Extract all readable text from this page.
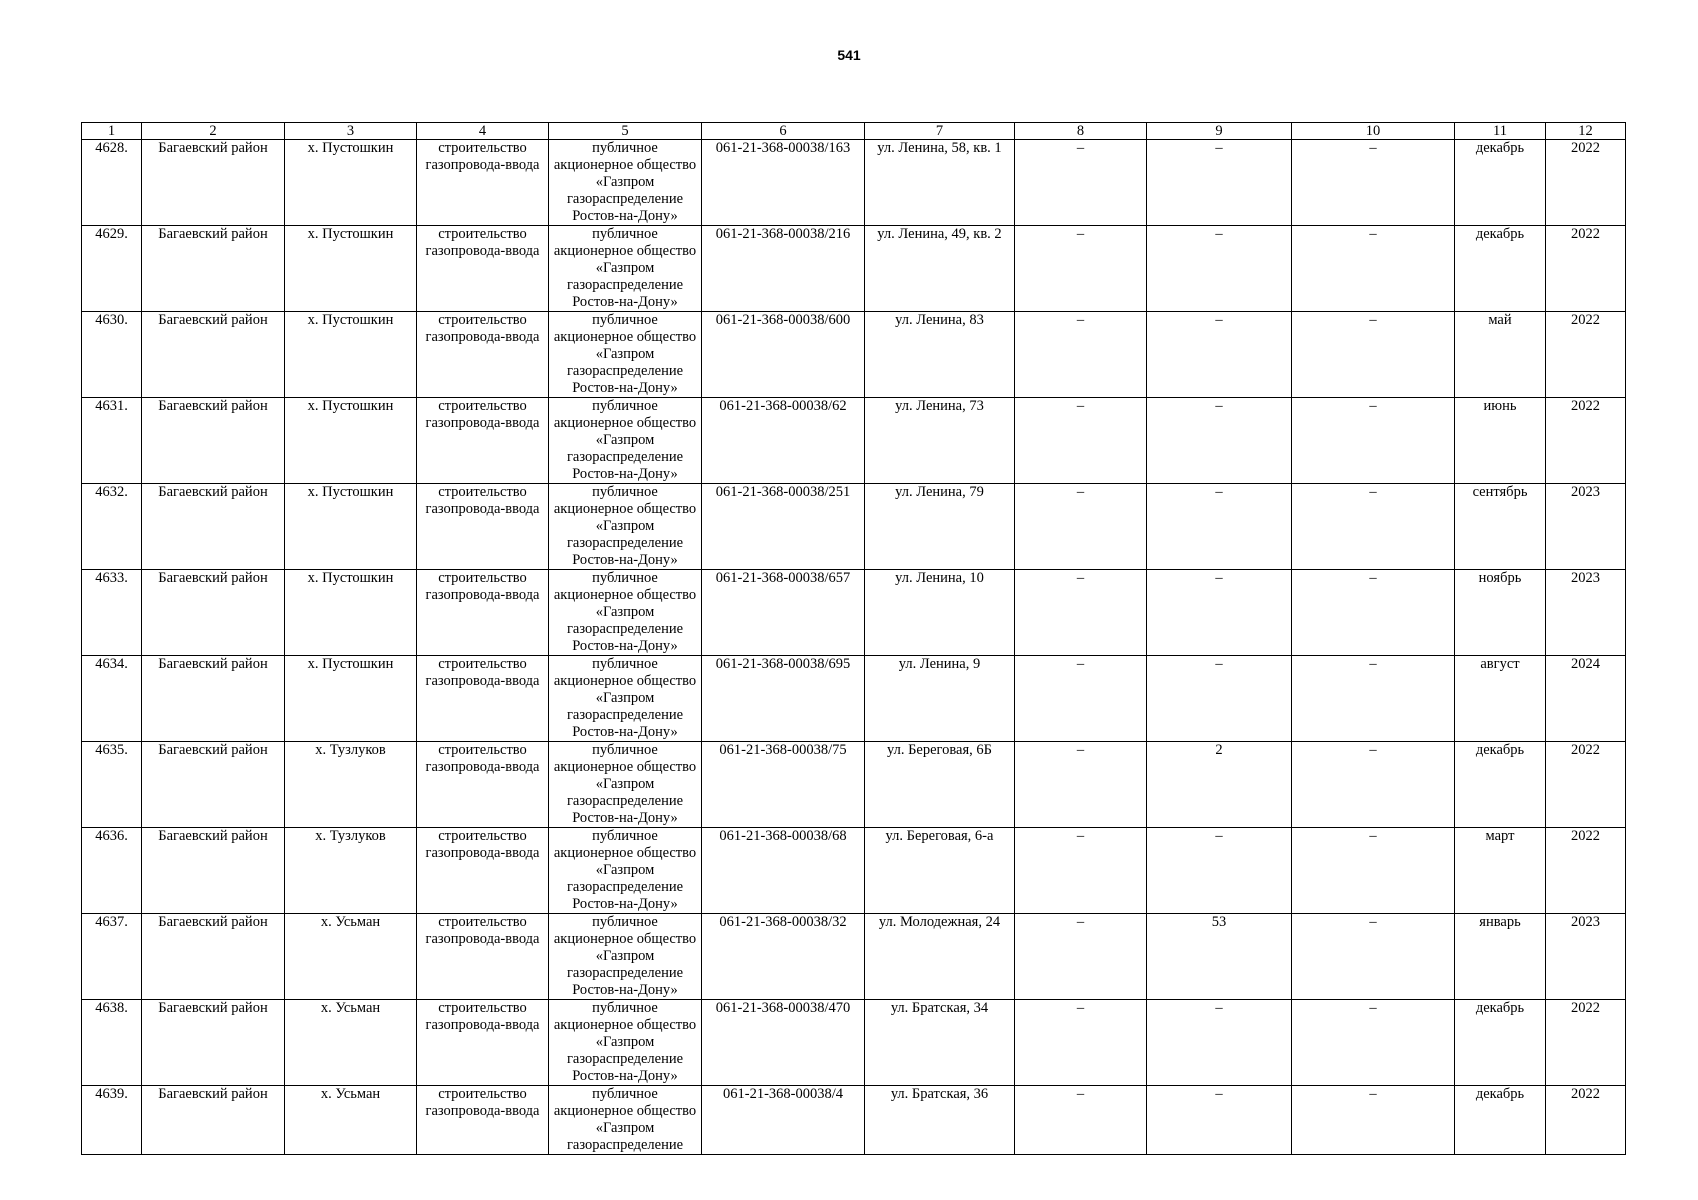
541
1	2	3	4	5	6	7	8	9	10	11	12
4628.	Багаевский район	х. Пустошкин	строительство газопровода-ввода	публичное акционерное общество «Газпром газораспределение Ростов-на-Дону»	061-21-368-00038/163	ул. Ленина, 58, кв. 1	–	–	–	декабрь	2022
4629.	Багаевский район	х. Пустошкин	строительство газопровода-ввода	публичное акционерное общество «Газпром газораспределение Ростов-на-Дону»	061-21-368-00038/216	ул. Ленина, 49, кв. 2	–	–	–	декабрь	2022
4630.	Багаевский район	х. Пустошкин	строительство газопровода-ввода	публичное акционерное общество «Газпром газораспределение Ростов-на-Дону»	061-21-368-00038/600	ул. Ленина, 83	–	–	–	май	2022
4631.	Багаевский район	х. Пустошкин	строительство газопровода-ввода	публичное акционерное общество «Газпром газораспределение Ростов-на-Дону»	061-21-368-00038/62	ул. Ленина, 73	–	–	–	июнь	2022
4632.	Багаевский район	х. Пустошкин	строительство газопровода-ввода	публичное акционерное общество «Газпром газораспределение Ростов-на-Дону»	061-21-368-00038/251	ул. Ленина, 79	–	–	–	сентябрь	2023
4633.	Багаевский район	х. Пустошкин	строительство газопровода-ввода	публичное акционерное общество «Газпром газораспределение Ростов-на-Дону»	061-21-368-00038/657	ул. Ленина, 10	–	–	–	ноябрь	2023
4634.	Багаевский район	х. Пустошкин	строительство газопровода-ввода	публичное акционерное общество «Газпром газораспределение Ростов-на-Дону»	061-21-368-00038/695	ул. Ленина, 9	–	–	–	август	2024
4635.	Багаевский район	х. Тузлуков	строительство газопровода-ввода	публичное акционерное общество «Газпром газораспределение Ростов-на-Дону»	061-21-368-00038/75	ул. Береговая, 6Б	–	2	–	декабрь	2022
4636.	Багаевский район	х. Тузлуков	строительство газопровода-ввода	публичное акционерное общество «Газпром газораспределение Ростов-на-Дону»	061-21-368-00038/68	ул. Береговая, 6-а	–	–	–	март	2022
4637.	Багаевский район	х. Усьман	строительство газопровода-ввода	публичное акционерное общество «Газпром газораспределение Ростов-на-Дону»	061-21-368-00038/32	ул. Молодежная, 24	–	53	–	январь	2023
4638.	Багаевский район	х. Усьман	строительство газопровода-ввода	публичное акционерное общество «Газпром газораспределение Ростов-на-Дону»	061-21-368-00038/470	ул. Братская, 34	–	–	–	декабрь	2022
4639.	Багаевский район	х. Усьман	строительство газопровода-ввода	публичное акционерное общество «Газпром газораспределение	061-21-368-00038/4	ул. Братская, 36	–	–	–	декабрь	2022
